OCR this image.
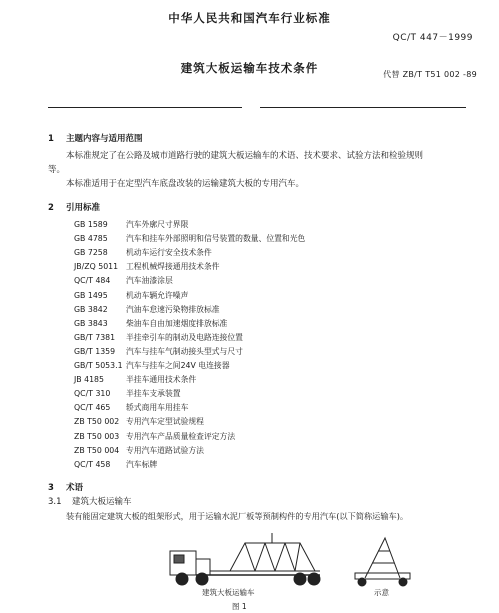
中华人民共和国汽车行业标准
QC/T 447－1999
建筑大板运输车技术条件	代替 ZB/T T51 002 -89
1 主题内容与适用范围
本标准规定了在公路及城市道路行驶的建筑大板运输车的术语、技术要求、试验方法和检验规则
等。
本标准适用于在定型汽车底盘改装的运输建筑大板的专用汽车。
2 引用标准
GB 1589 汽车外廓尺寸界限
GB 4785 汽车和挂车外部照明和信号装置的数量、位置和光色
GB 7258 机动车运行安全技术条件
JB/ZQ 5011 工程机械焊接通用技术条件
QC/T 484 汽车油漆涂层
GB 1495 机动车辆允许噪声
GB 3842 汽油车怠速污染物排放标准
GB 3843 柴油车自由加速烟度排放标准
GB/T 7381 半挂牵引车的制动及电路连接位置
GB/T 1359 汽车与挂车气制动接头型式与尺寸
GB/T 5053.1 汽车与挂车之间24V 电连接器
JB 4185	半挂车通用技术条件
QC/T 310 半挂车支承装置
QC/T 465 轿式商用车用挂车
ZB T50 002 专用汽车定型试验规程
ZB T50 003 专用汽车产品质量检查评定方法
ZB T50 004 专用汽车道路试验方法
QC/T 458 汽车标牌
3 术语
3.1 建筑大板运输车
装有能固定建筑大板的组架形式，用于运输水泥厂板等预制构件的专用汽车(以下简称运输车)。
建筑大板运输车	示意
图 1
